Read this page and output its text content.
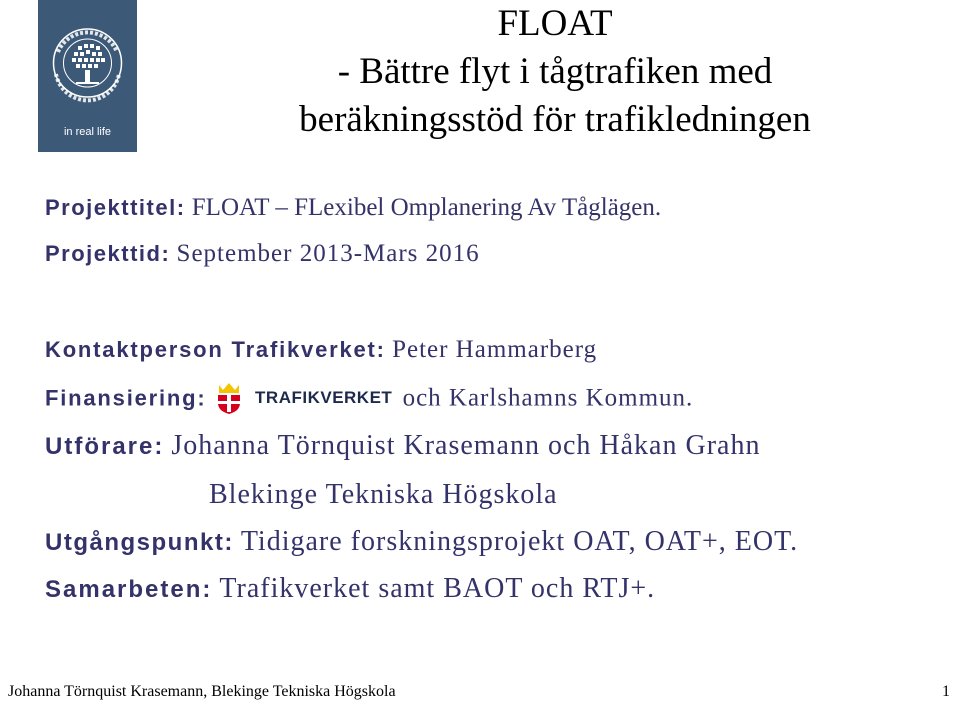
in real life
FLOAT
- Bättre flyt i tågtrafiken med
beräkningsstöd för trafikledningen
Projekttitel: FLOAT – FLexibel Omplanering Av Tåglägen.
Projekttid: September 2013-Mars 2016
Kontaktperson Trafikverket: Peter Hammarberg
Finansiering:	TRAFIKVERKET och Karlshamns Kommun.
Utförare: Johanna Törnquist Krasemann och Håkan Grahn
Blekinge Tekniska Högskola
Utgångspunkt: Tidigare forskningsprojekt OAT, OAT+, EOT.
Samarbeten: Trafikverket samt BAOT och RTJ+.
Johanna Törnquist Krasemann, Blekinge Tekniska Högskola	1
